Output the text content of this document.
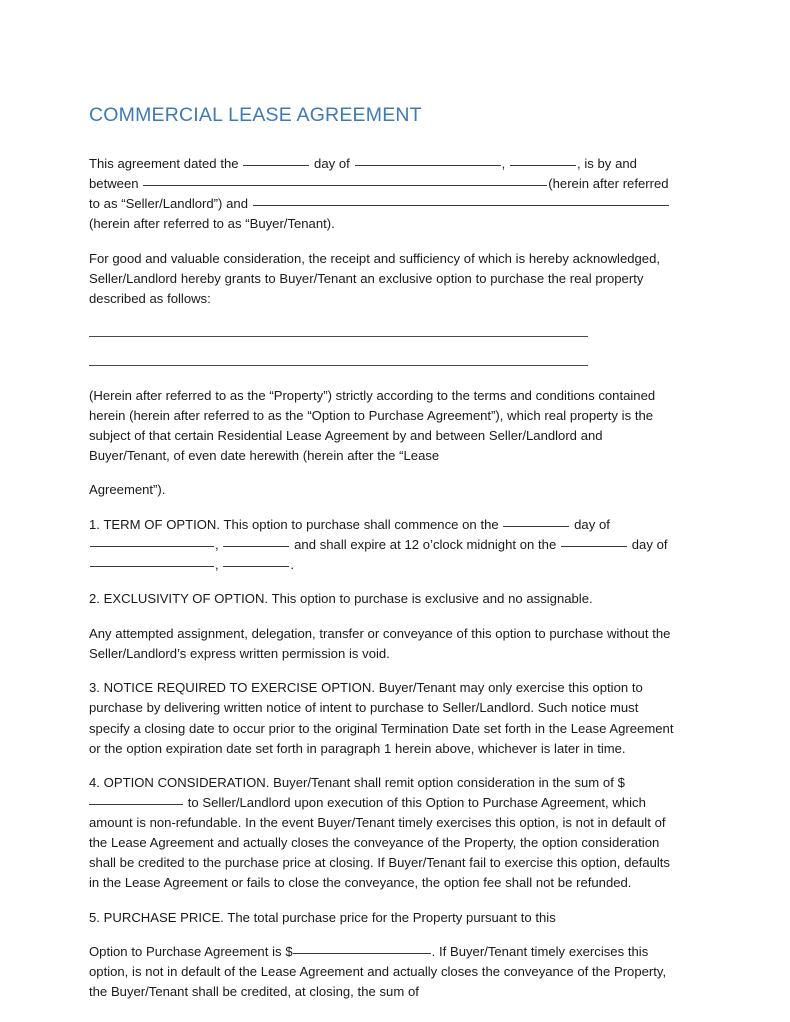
COMMERCIAL LEASE AGREEMENT

This agreement dated the	day of	,	, is by and between	(herein after referred to as “Seller/Landlord”) and
(herein after referred to as “Buyer/Tenant).

For good and valuable consideration, the receipt and sufficiency of which is hereby acknowledged, Seller/Landlord hereby grants to Buyer/Tenant an exclusive option to purchase the real property described as follows:

(Herein after referred to as the “Property”) strictly according to the terms and conditions contained herein (herein after referred to as the “Option to Purchase Agreement”), which real property is the subject of that certain Residential Lease Agreement by and between Seller/Landlord and Buyer/Tenant, of even date herewith (herein after the “Lease

Agreement”).

1. TERM OF OPTION. This option to purchase shall commence on the	day of ,	and shall expire at 12 o’clock midnight on the	day of ,	.

2. EXCLUSIVITY OF OPTION. This option to purchase is exclusive and no assignable.

Any attempted assignment, delegation, transfer or conveyance of this option to purchase without the Seller/Landlord’s express written permission is void.

3. NOTICE REQUIRED TO EXERCISE OPTION. Buyer/Tenant may only exercise this option to purchase by delivering written notice of intent to purchase to Seller/Landlord. Such notice must specify a closing date to occur prior to the original Termination Date set forth in the Lease Agreement or the option expiration date set forth in paragraph 1 herein above, whichever is later in time.

4. OPTION CONSIDERATION. Buyer/Tenant shall remit option consideration in the sum of $ to Seller/Landlord upon execution of this Option to Purchase Agreement, which amount is non-refundable. In the event Buyer/Tenant timely exercises this option, is not in default of the Lease Agreement and actually closes the conveyance of the Property, the option consideration shall be credited to the purchase price at closing. If Buyer/Tenant fail to exercise this option, defaults in the Lease Agreement or fails to close the conveyance, the option fee shall not be refunded.

5. PURCHASE PRICE. The total purchase price for the Property pursuant to this

Option to Purchase Agreement is $	. If Buyer/Tenant timely exercises this option, is not in default of the Lease Agreement and actually closes the conveyance of the Property, the Buyer/Tenant shall be credited, at closing, the sum of
